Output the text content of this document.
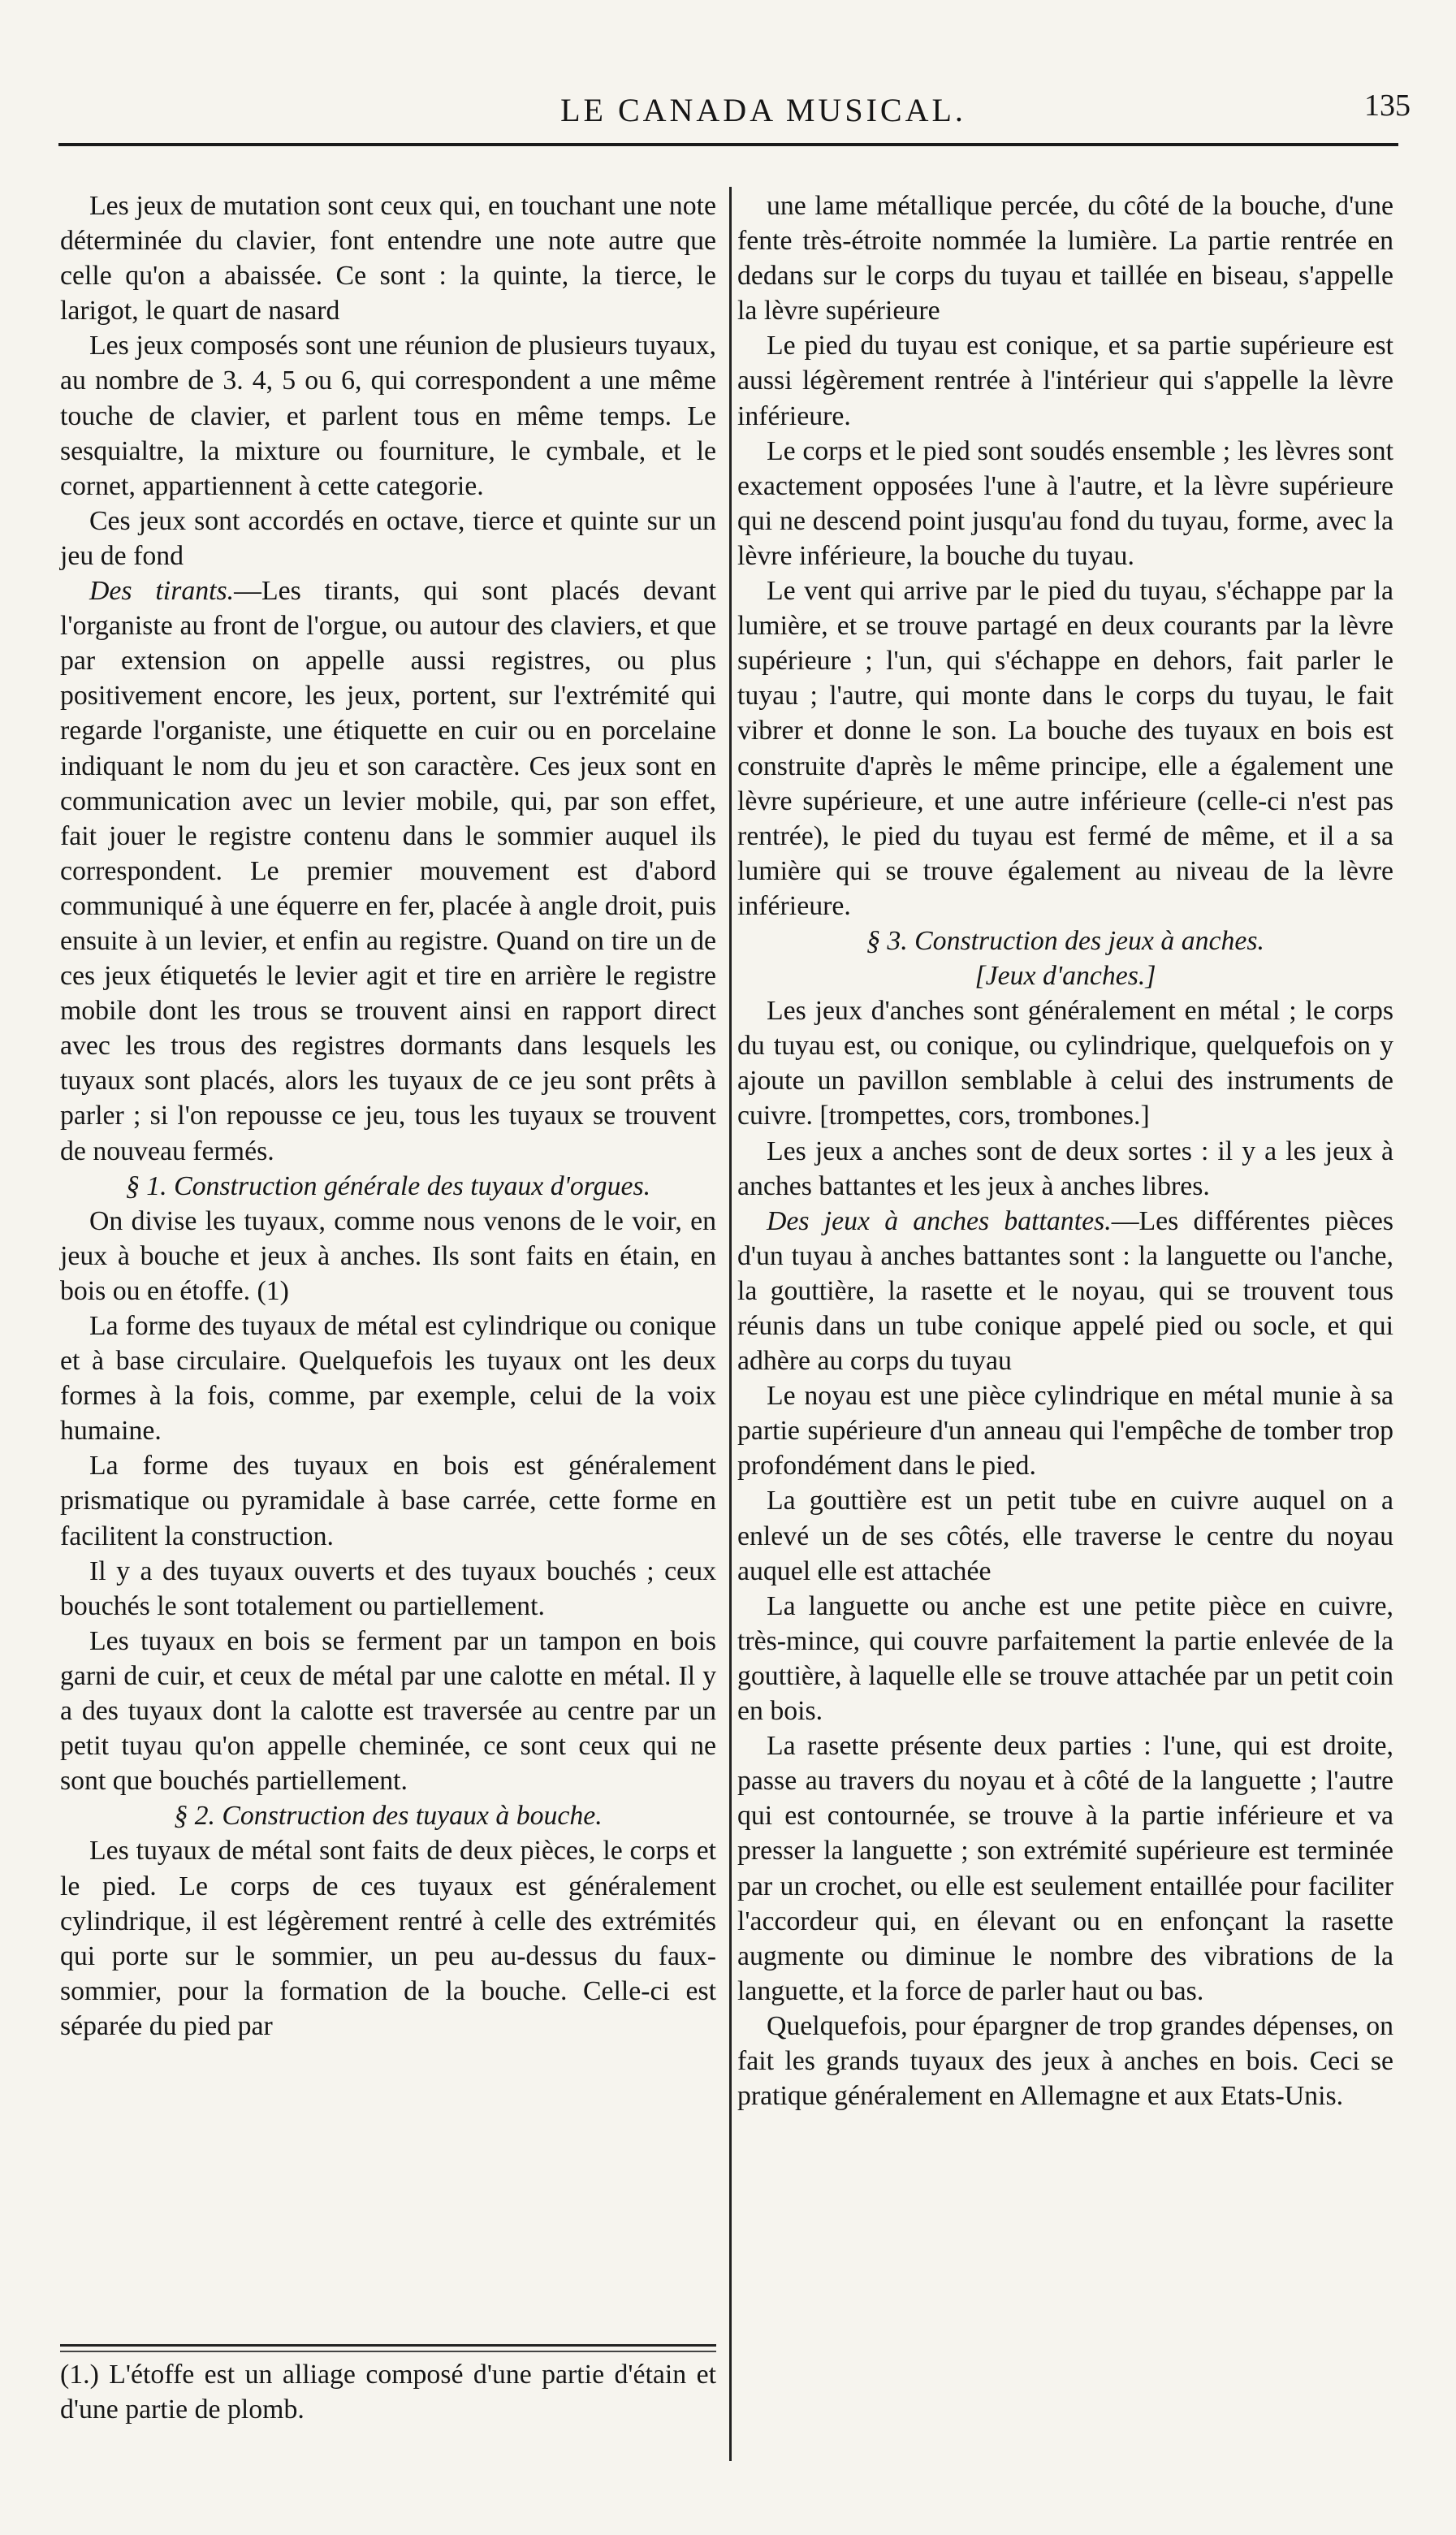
LE CANADA MUSICAL.	135

Les jeux de mutation sont ceux qui, en touchant une note déterminée du clavier, font entendre une note autre que celle qu'on a abaissée. Ce sont : la quinte, la tierce, le larigot, le quart de nasard

Les jeux composés sont une réunion de plusieurs tuyaux, au nombre de 3. 4, 5 ou 6, qui correspondent a une même touche de clavier, et parlent tous en même temps. Le sesquialtre, la mixture ou fourniture, le cymbale, et le cornet, appartiennent à cette categorie.

Ces jeux sont accordés en octave, tierce et quinte sur un jeu de fond

Des tirants.—Les tirants, qui sont placés devant l'organiste au front de l'orgue, ou autour des claviers, et que par extension on appelle aussi registres, ou plus positivement encore, les jeux, portent, sur l'extrémité qui regarde l'organiste, une étiquette en cuir ou en porcelaine indiquant le nom du jeu et son caractère. Ces jeux sont en communication avec un levier mobile, qui, par son effet, fait jouer le registre contenu dans le sommier auquel ils correspondent. Le premier mouvement est d'abord communiqué à une équerre en fer, placée à angle droit, puis ensuite à un levier, et enfin au registre. Quand on tire un de ces jeux étiquetés le levier agit et tire en arrière le registre mobile dont les trous se trouvent ainsi en rapport direct avec les trous des registres dormants dans lesquels les tuyaux sont placés, alors les tuyaux de ce jeu sont prêts à parler ; si l'on repousse ce jeu, tous les tuyaux se trouvent de nouveau fermés.

§ 1. Construction générale des tuyaux d'orgues.

On divise les tuyaux, comme nous venons de le voir, en jeux à bouche et jeux à anches. Ils sont faits en étain, en bois ou en étoffe. (1)

La forme des tuyaux de métal est cylindrique ou conique et à base circulaire. Quelquefois les tuyaux ont les deux formes à la fois, comme, par exemple, celui de la voix humaine.

La forme des tuyaux en bois est généralement prismatique ou pyramidale à base carrée, cette forme en facilitent la construction.

Il y a des tuyaux ouverts et des tuyaux bouchés ; ceux bouchés le sont totalement ou partiellement.

Les tuyaux en bois se ferment par un tampon en bois garni de cuir, et ceux de métal par une calotte en métal. Il y a des tuyaux dont la calotte est traversée au centre par un petit tuyau qu'on appelle cheminée, ce sont ceux qui ne sont que bouchés partiellement.

§ 2. Construction des tuyaux à bouche.

Les tuyaux de métal sont faits de deux pièces, le corps et le pied. Le corps de ces tuyaux est généralement cylindrique, il est légèrement rentré à celle des extrémités qui porte sur le sommier, un peu au-dessus du faux-sommier, pour la formation de la bouche. Celle-ci est séparée du pied par

(1.) L'étoffe est un alliage composé d'une partie d'étain et d'une partie de plomb.

une lame métallique percée, du côté de la bouche, d'une fente très-étroite nommée la lumière. La partie rentrée en dedans sur le corps du tuyau et taillée en biseau, s'appelle la lèvre supérieure

Le pied du tuyau est conique, et sa partie supérieure est aussi légèrement rentrée à l'intérieur qui s'appelle la lèvre inférieure.

Le corps et le pied sont soudés ensemble ; les lèvres sont exactement opposées l'une à l'autre, et la lèvre supérieure qui ne descend point jusqu'au fond du tuyau, forme, avec la lèvre inférieure, la bouche du tuyau.

Le vent qui arrive par le pied du tuyau, s'échappe par la lumière, et se trouve partagé en deux courants par la lèvre supérieure ; l'un, qui s'échappe en dehors, fait parler le tuyau ; l'autre, qui monte dans le corps du tuyau, le fait vibrer et donne le son. La bouche des tuyaux en bois est construite d'après le même principe, elle a également une lèvre supérieure, et une autre inférieure (celle-ci n'est pas rentrée), le pied du tuyau est fermé de même, et il a sa lumière qui se trouve également au niveau de la lèvre inférieure.

§ 3. Construction des jeux à anches.

[Jeux d'anches.]

Les jeux d'anches sont généralement en métal ; le corps du tuyau est, ou conique, ou cylindrique, quelquefois on y ajoute un pavillon semblable à celui des instruments de cuivre. [trompettes, cors, trombones.]

Les jeux a anches sont de deux sortes : il y a les jeux à anches battantes et les jeux à anches libres.

Des jeux à anches battantes.—Les différentes pièces d'un tuyau à anches battantes sont : la languette ou l'anche, la gouttière, la rasette et le noyau, qui se trouvent tous réunis dans un tube conique appelé pied ou socle, et qui adhère au corps du tuyau

Le noyau est une pièce cylindrique en métal munie à sa partie supérieure d'un anneau qui l'empêche de tomber trop profondément dans le pied.

La gouttière est un petit tube en cuivre auquel on a enlevé un de ses côtés, elle traverse le centre du noyau auquel elle est attachée

La languette ou anche est une petite pièce en cuivre, très-mince, qui couvre parfaitement la partie enlevée de la gouttière, à laquelle elle se trouve attachée par un petit coin en bois.

La rasette présente deux parties : l'une, qui est droite, passe au travers du noyau et à côté de la languette ; l'autre qui est contournée, se trouve à la partie inférieure et va presser la languette ; son extrémité supérieure est terminée par un crochet, ou elle est seulement entaillée pour faciliter l'accordeur qui, en élevant ou en enfonçant la rasette augmente ou diminue le nombre des vibrations de la languette, et la force de parler haut ou bas.

Quelquefois, pour épargner de trop grandes dépenses, on fait les grands tuyaux des jeux à anches en bois. Ceci se pratique généralement en Allemagne et aux Etats-Unis.
